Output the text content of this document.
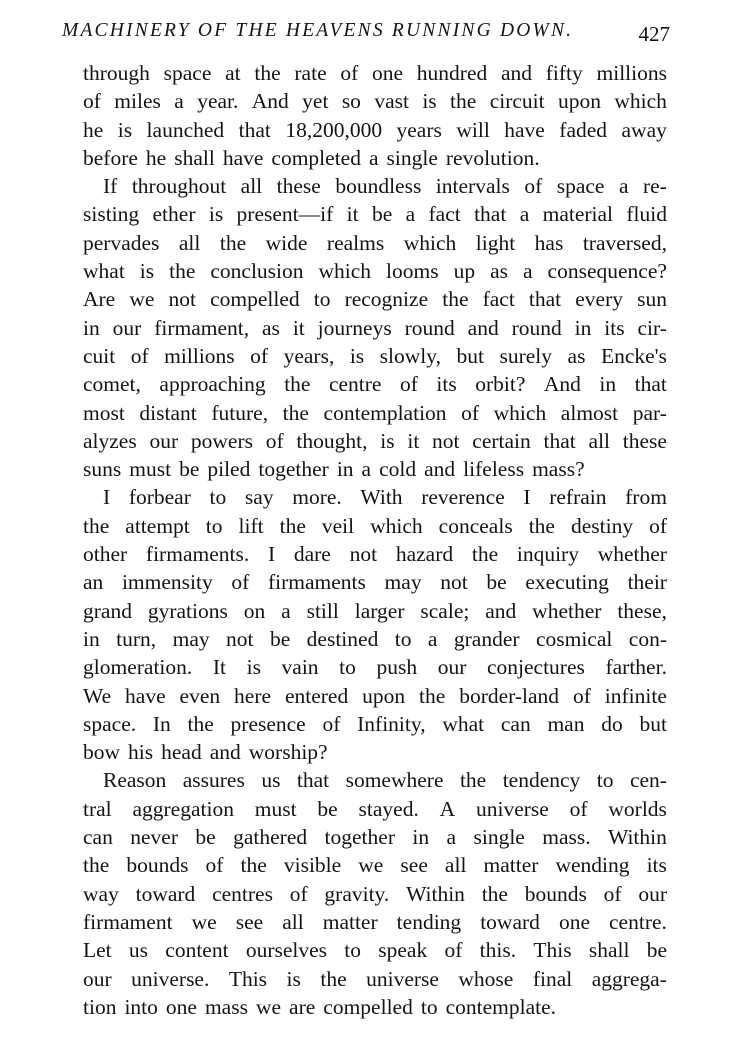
MACHINERY OF THE HEAVENS RUNNING DOWN.	427
through space at the rate of one hundred and fifty millions
of miles a year. And yet so vast is the circuit upon which
he is launched that 18,200,000 years will have faded away
before he shall have completed a single revolution.
If throughout all these boundless intervals of space a re-
sisting ether is present—if it be a fact that a material fluid
pervades all the wide realms which light has traversed,
what is the conclusion which looms up as a consequence?
Are we not compelled to recognize the fact that every sun
in our firmament, as it journeys round and round in its cir-
cuit of millions of years, is slowly, but surely as Encke's
comet, approaching the centre of its orbit? And in that
most distant future, the contemplation of which almost par-
alyzes our powers of thought, is it not certain that all these
suns must be piled together in a cold and lifeless mass?
I forbear to say more. With reverence I refrain from
the attempt to lift the veil which conceals the destiny of
other firmaments. I dare not hazard the inquiry whether
an immensity of firmaments may not be executing their
grand gyrations on a still larger scale; and whether these,
in turn, may not be destined to a grander cosmical con-
glomeration. It is vain to push our conjectures farther.
We have even here entered upon the border-land of infinite
space. In the presence of Infinity, what can man do but
bow his head and worship?
Reason assures us that somewhere the tendency to cen-
tral aggregation must be stayed. A universe of worlds
can never be gathered together in a single mass. Within
the bounds of the visible we see all matter wending its
way toward centres of gravity. Within the bounds of our
firmament we see all matter tending toward one centre.
Let us content ourselves to speak of this. This shall be
our universe. This is the universe whose final aggrega-
tion into one mass we are compelled to contemplate.
